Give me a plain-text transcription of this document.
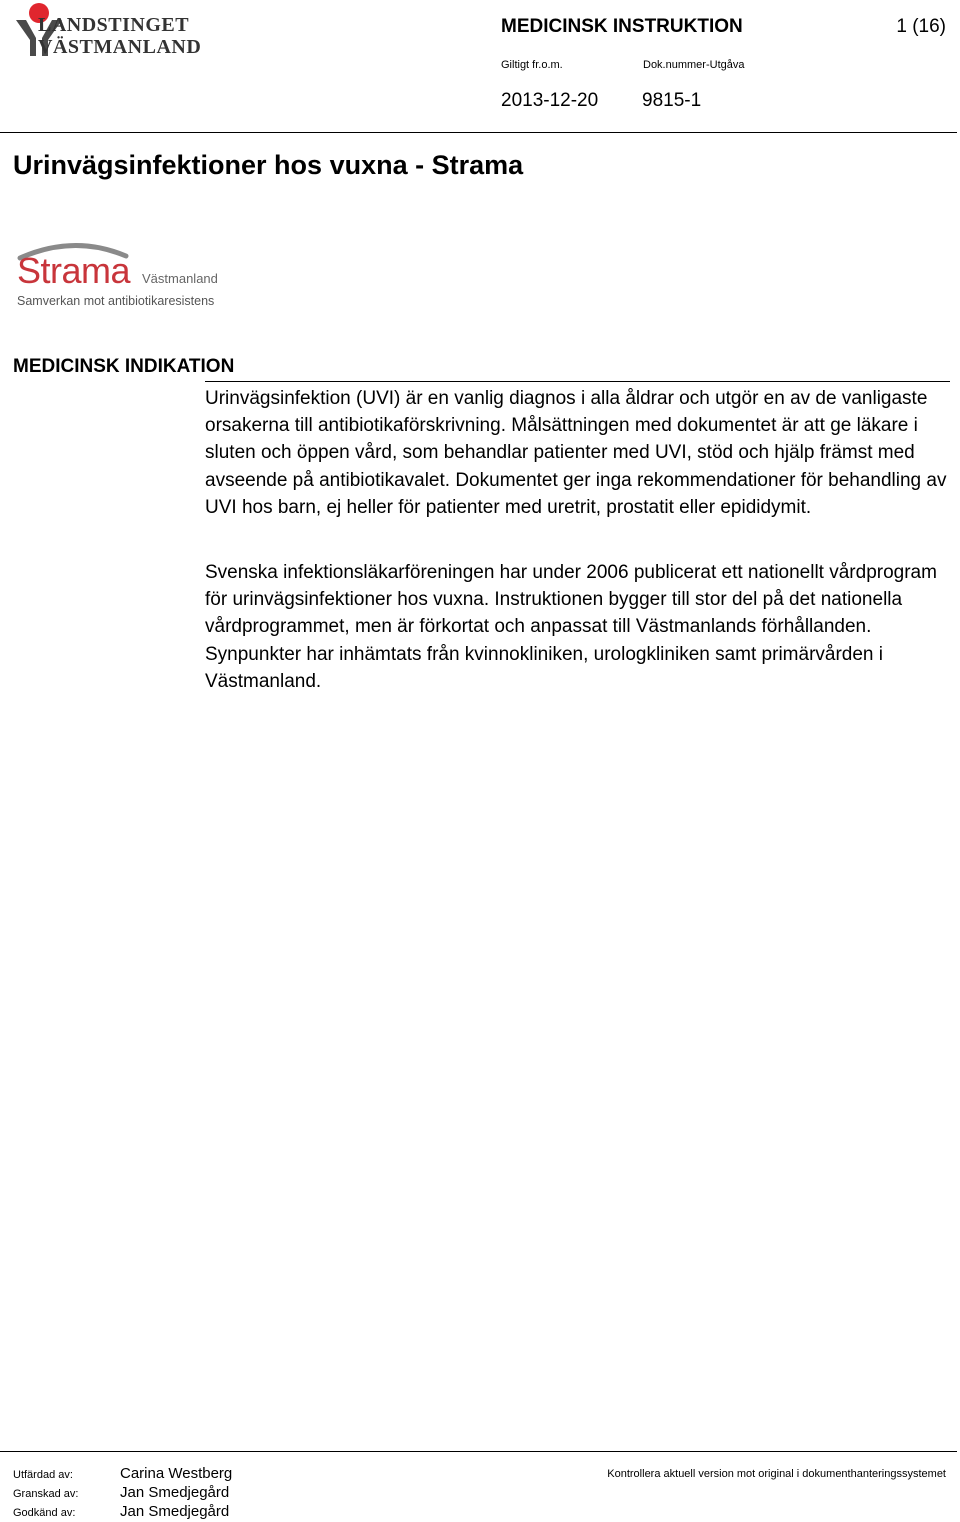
LANDSTINGET
VÄSTMANLAND
MEDICINSK INSTRUKTION	1 (16)
Giltigt fr.o.m.	Dok.nummer-Utgåva
2013-12-20 9815-1
Urinvägsinfektioner hos vuxna - Strama
Strama Västmanland
Samverkan mot antibiotikaresistens
MEDICINSK INDIKATION

Urinvägsinfektion (UVI) är en vanlig diagnos i alla åldrar och utgör en av de vanligaste orsakerna till antibiotikaförskrivning. Målsättningen med dokumentet är att ge läkare i sluten och öppen vård, som behandlar patienter med UVI, stöd och hjälp främst med avseende på antibiotikavalet. Dokumentet ger inga rekommendationer för behandling av UVI hos barn, ej heller för patienter med uretrit, prostatit eller epididymit.

Svenska infektionsläkarföreningen har under 2006 publicerat ett nationellt vårdprogram för urinvägsinfektioner hos vuxna. Instruktionen bygger till stor del på det nationella vårdprogrammet, men är förkortat och anpassat till Västmanlands förhållanden. Synpunkter har inhämtats från kvinnokliniken, urologkliniken samt primärvården i Västmanland.

Utfärdad av:
Granskad av:
Godkänd av:
Carina Westberg
Jan Smedjegård
Jan Smedjegård
Kontrollera aktuell version mot original i dokumenthanteringssystemet
